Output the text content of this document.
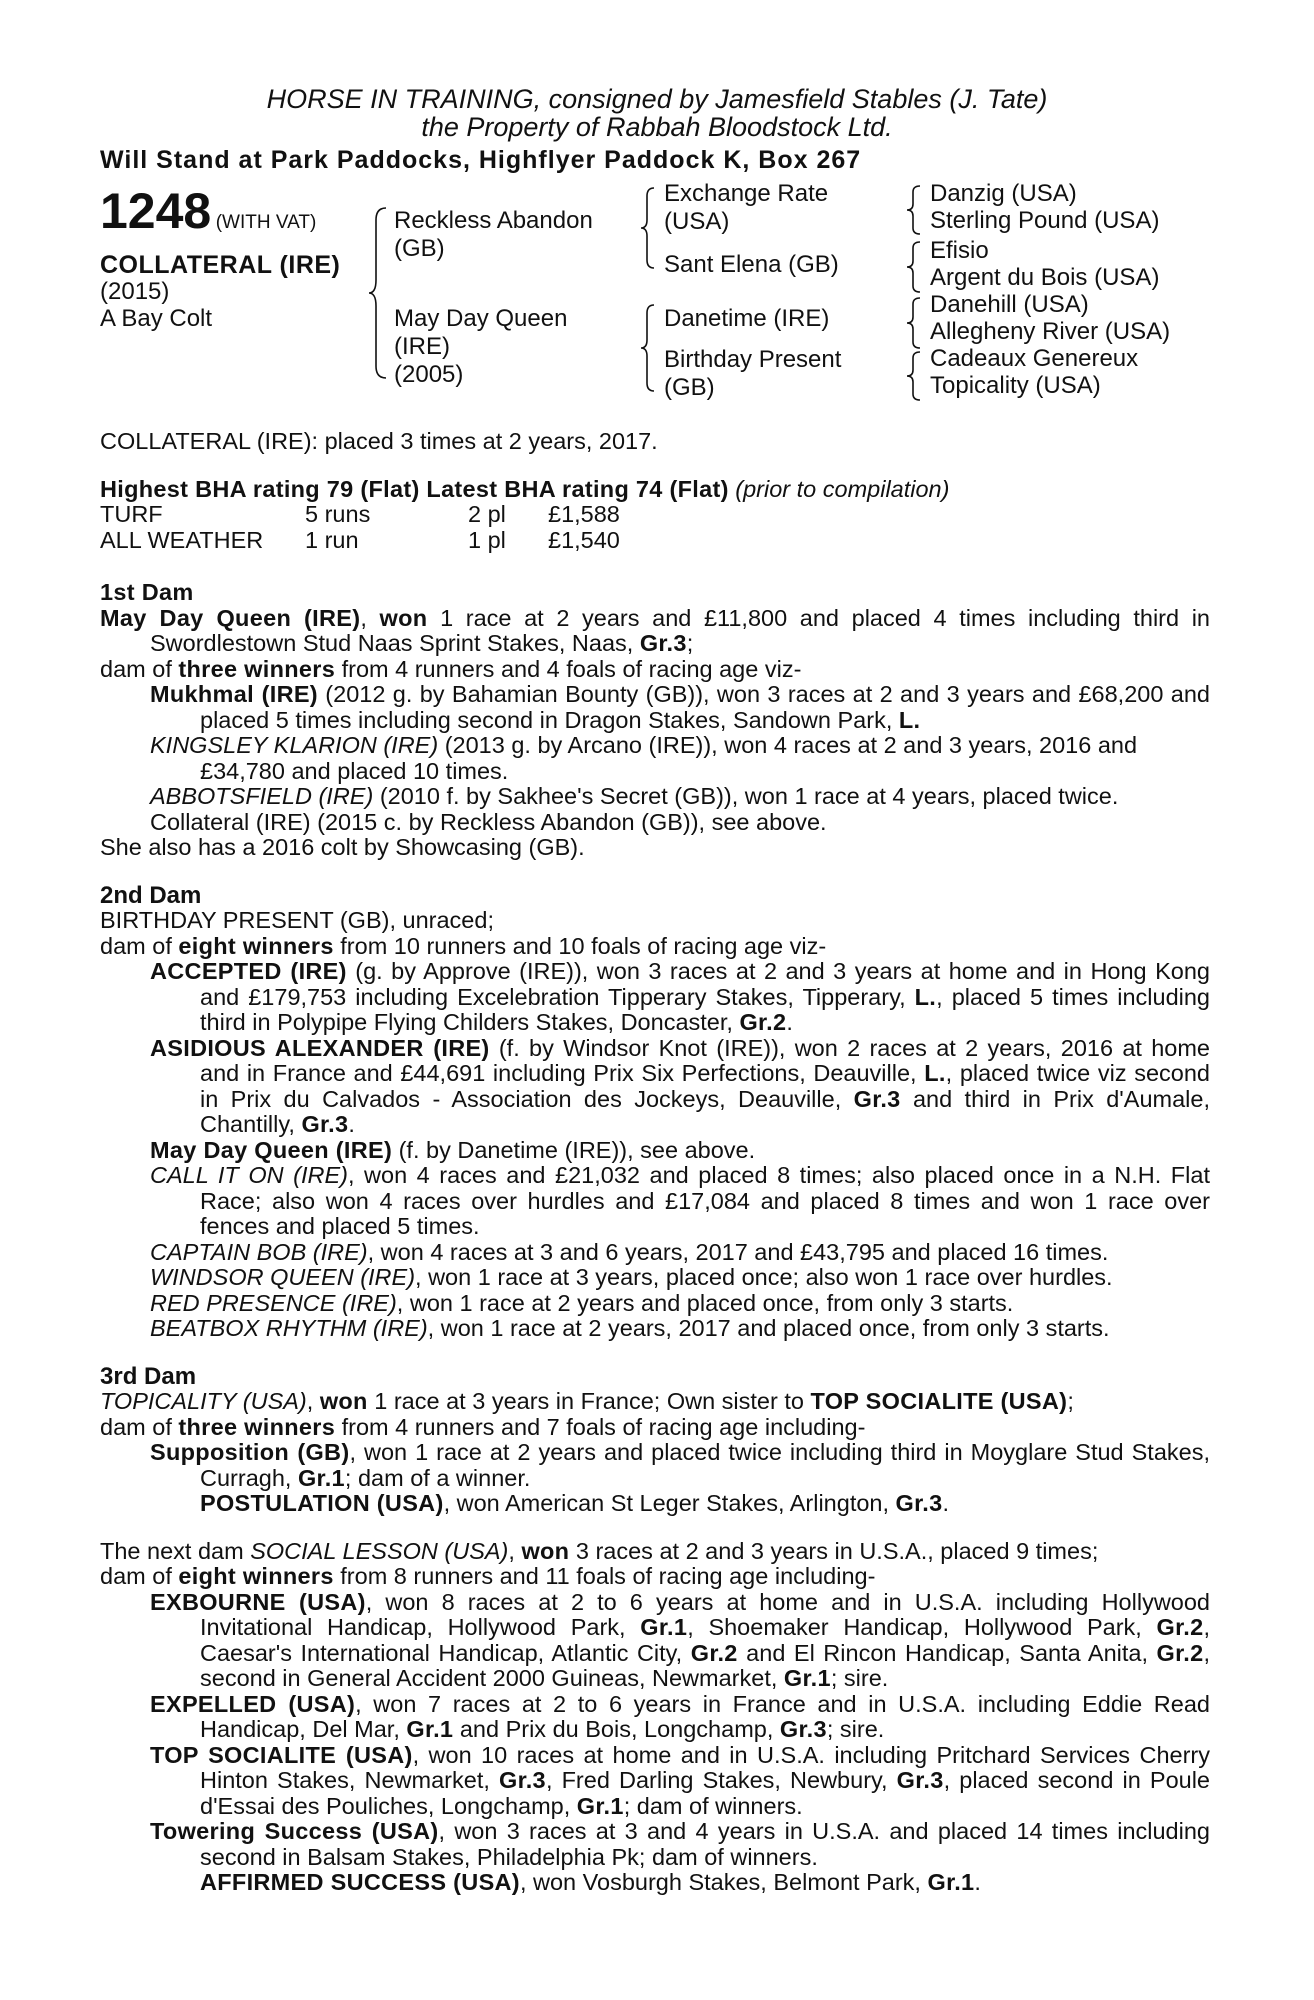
HORSE IN TRAINING, consigned by Jamesfield Stables (J. Tate)
the Property of Rabbah Bloodstock Ltd.
Will Stand at Park Paddocks, Highflyer Paddock K, Box 267
1248 (WITH VAT)
COLLATERAL (IRE)
(2015)
A Bay Colt
Reckless Abandon
(GB)
May Day Queen
(IRE)
(2005)
Exchange Rate
(USA)
Sant Elena (GB)
Danetime (IRE)
Birthday Present
(GB)
Danzig (USA)
Sterling Pound (USA)
Efisio
Argent du Bois (USA)
Danehill (USA)
Allegheny River (USA)
Cadeaux Genereux
Topicality (USA)
COLLATERAL (IRE): placed 3 times at 2 years, 2017.
Highest BHA rating 79 (Flat) Latest BHA rating 74 (Flat) (prior to compilation)
TURF	5 runs	2 pl	£1,588
ALL WEATHER	1 run	1 pl	£1,540

1st Dam

May Day Queen (IRE), won 1 race at 2 years and £11,800 and placed 4 times including third in Swordlestown Stud Naas Sprint Stakes, Naas, Gr.3;

dam of three winners from 4 runners and 4 foals of racing age viz-

Mukhmal (IRE) (2012 g. by Bahamian Bounty (GB)), won 3 races at 2 and 3 years and £68,200 and placed 5 times including second in Dragon Stakes, Sandown Park, L.

KINGSLEY KLARION (IRE) (2013 g. by Arcano (IRE)), won 4 races at 2 and 3 years, 2016 and £34,780 and placed 10 times.

ABBOTSFIELD (IRE) (2010 f. by Sakhee's Secret (GB)), won 1 race at 4 years, placed twice.

Collateral (IRE) (2015 c. by Reckless Abandon (GB)), see above.

She also has a 2016 colt by Showcasing (GB).

2nd Dam

BIRTHDAY PRESENT (GB), unraced;

dam of eight winners from 10 runners and 10 foals of racing age viz-

ACCEPTED (IRE) (g. by Approve (IRE)), won 3 races at 2 and 3 years at home and in Hong Kong and £179,753 including Excelebration Tipperary Stakes, Tipperary, L., placed 5 times including third in Polypipe Flying Childers Stakes, Doncaster, Gr.2.

ASIDIOUS ALEXANDER (IRE) (f. by Windsor Knot (IRE)), won 2 races at 2 years, 2016 at home and in France and £44,691 including Prix Six Perfections, Deauville, L., placed twice viz second in Prix du Calvados - Association des Jockeys, Deauville, Gr.3 and third in Prix d'Aumale, Chantilly, Gr.3.

May Day Queen (IRE) (f. by Danetime (IRE)), see above.

CALL IT ON (IRE), won 4 races and £21,032 and placed 8 times; also placed once in a N.H. Flat Race; also won 4 races over hurdles and £17,084 and placed 8 times and won 1 race over fences and placed 5 times.

CAPTAIN BOB (IRE), won 4 races at 3 and 6 years, 2017 and £43,795 and placed 16 times.

WINDSOR QUEEN (IRE), won 1 race at 3 years, placed once; also won 1 race over hurdles.

RED PRESENCE (IRE), won 1 race at 2 years and placed once, from only 3 starts.

BEATBOX RHYTHM (IRE), won 1 race at 2 years, 2017 and placed once, from only 3 starts.

3rd Dam

TOPICALITY (USA), won 1 race at 3 years in France; Own sister to TOP SOCIALITE (USA);

dam of three winners from 4 runners and 7 foals of racing age including-

Supposition (GB), won 1 race at 2 years and placed twice including third in Moyglare Stud Stakes, Curragh, Gr.1; dam of a winner.

POSTULATION (USA), won American St Leger Stakes, Arlington, Gr.3.

The next dam SOCIAL LESSON (USA), won 3 races at 2 and 3 years in U.S.A., placed 9 times;

dam of eight winners from 8 runners and 11 foals of racing age including-

EXBOURNE (USA), won 8 races at 2 to 6 years at home and in U.S.A. including Hollywood Invitational Handicap, Hollywood Park, Gr.1, Shoemaker Handicap, Hollywood Park, Gr.2, Caesar's International Handicap, Atlantic City, Gr.2 and El Rincon Handicap, Santa Anita, Gr.2, second in General Accident 2000 Guineas, Newmarket, Gr.1; sire.

EXPELLED (USA), won 7 races at 2 to 6 years in France and in U.S.A. including Eddie Read Handicap, Del Mar, Gr.1 and Prix du Bois, Longchamp, Gr.3; sire.

TOP SOCIALITE (USA), won 10 races at home and in U.S.A. including Pritchard Services Cherry Hinton Stakes, Newmarket, Gr.3, Fred Darling Stakes, Newbury, Gr.3, placed second in Poule d'Essai des Pouliches, Longchamp, Gr.1; dam of winners.

Towering Success (USA), won 3 races at 3 and 4 years in U.S.A. and placed 14 times including second in Balsam Stakes, Philadelphia Pk; dam of winners.

AFFIRMED SUCCESS (USA), won Vosburgh Stakes, Belmont Park, Gr.1.
